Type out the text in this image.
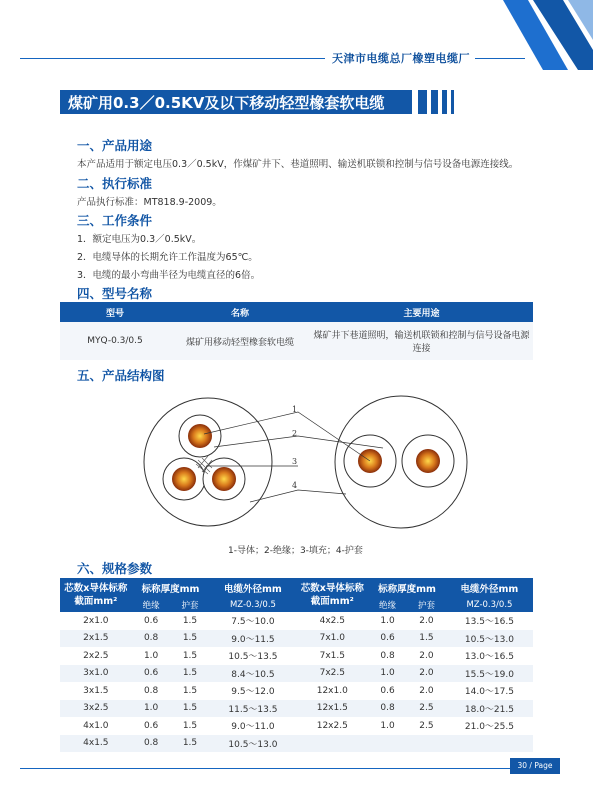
天津市电缆总厂橡塑电缆厂
煤矿用0.3／0.5KV及以下移动轻型橡套软电缆
一、产品用途
本产品适用于额定电压0.3／0.5kV，作煤矿井下、巷道照明、输送机联锁和控制与信号设备电源连接线。
二、执行标准
产品执行标准：MT818.9-2009。
三、工作条件
1．额定电压为0.3／0.5kV。
2．电缆导体的长期允许工作温度为65℃。
3．电缆的最小弯曲半径为电缆直径的6倍。
四、型号名称
型号	名称	主要用途
MYQ-0.3/0.5	煤矿用移动轻型橡套软电缆	煤矿井下巷道照明，输送机联锁和控制与信号设备电源连接
五、产品结构图
1
2
3
4
1-导体；2-绝缘；3-填充；4-护套
六、规格参数
芯数x导体标称截面mm²	标称厚度mm		电缆外径mm	芯数x导体标称截面mm²	标称厚度mm		电缆外径mm
	绝缘	护套	MZ-0.3/0.5		绝缘	护套	MZ-0.3/0.5
2x1.0	0.6	1.5	7.5～10.0	4x2.5	1.0	2.0	13.5～16.5
2x1.5	0.8	1.5	9.0～11.5	7x1.0	0.6	1.5	10.5～13.0
2x2.5	1.0	1.5	10.5～13.5	7x1.5	0.8	2.0	13.0～16.5
3x1.0	0.6	1.5	8.4～10.5	7x2.5	1.0	2.0	15.5～19.0
3x1.5	0.8	1.5	9.5～12.0	12x1.0	0.6	2.0	14.0～17.5
3x2.5	1.0	1.5	11.5～13.5	12x1.5	0.8	2.5	18.0～21.5
4x1.0	0.6	1.5	9.0～11.0	12x2.5	1.0	2.5	21.0～25.5
4x1.5	0.8	1.5	10.5～13.0				
30 / Page
